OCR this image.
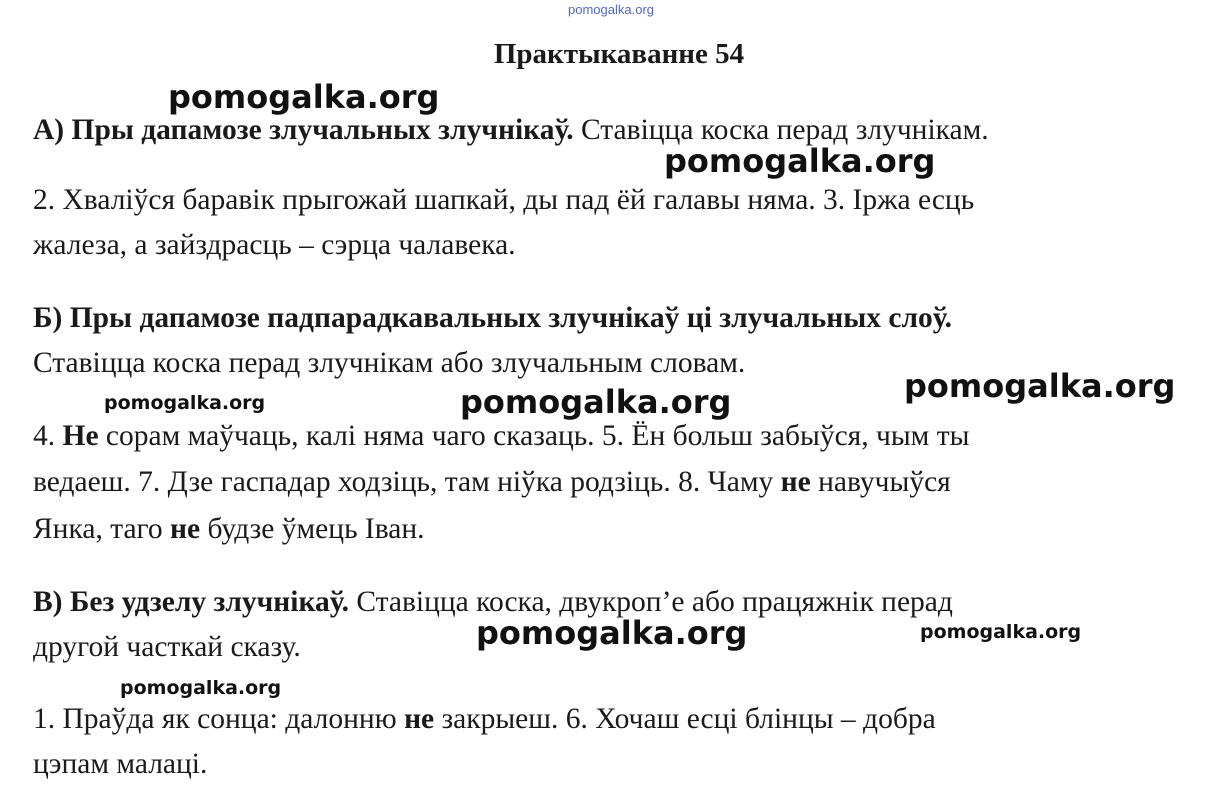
pomogalka.org
Практыкаванне 54
А) Пры дапамозе злучальных злучнікаў. Ставіцца коска перад злучнікам.
2. Хваліўся баравік прыгожай шапкай, ды пад ёй галавы няма. 3. Іржа есць
жалеза, а зайздрасць – сэрца чалавека.
Б) Пры дапамозе падпарадкавальных злучнікаў ці злучальных слоў.
Ставіцца коска перад злучнікам або злучальным словам.
4. Не сорам маўчаць, калі няма чаго сказаць. 5. Ён больш забыўся, чым ты
ведаеш. 7. Дзе гаспадар ходзіць, там ніўка родзіць. 8. Чаму не навучыўся
Янка, таго не будзе ўмець Іван.
В) Без удзелу злучнікаў. Ставіцца коска, двукроп’е або працяжнік перад
другой часткай сказу.
1. Праўда як сонца: далонню не закрыеш. 6. Хочаш есці блінцы – добра
цэпам малаці.
pomogalka.org
pomogalka.org
pomogalka.org
pomogalka.org
pomogalka.org
pomogalka.org	pomogalka.org
pomogalka.org
